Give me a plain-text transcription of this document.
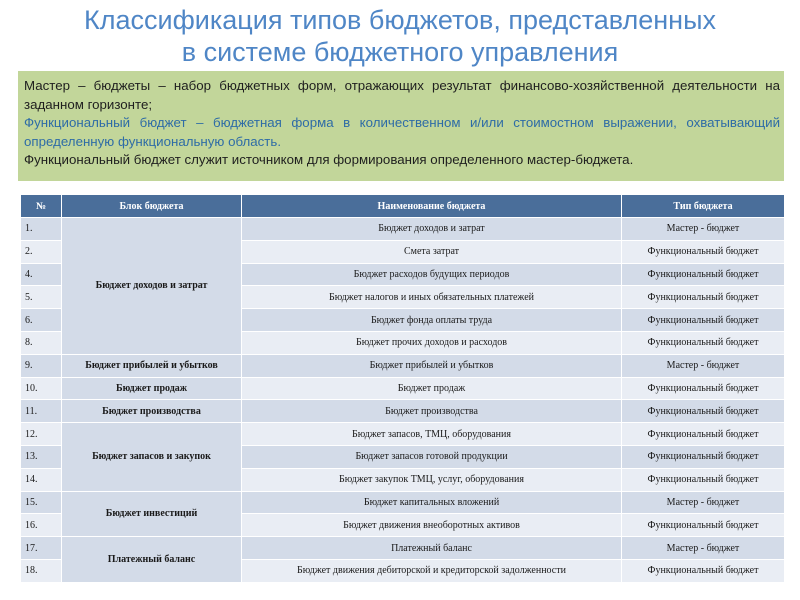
Классификация типов бюджетов, представленных
в системе бюджетного управления
Мастер – бюджеты – набор бюджетных форм, отражающих результат финансово-хозяйственной деятельности на заданном горизонте;
Функциональный бюджет – бюджетная форма в количественном и/или стоимостном выражении, охватывающий определенную функциональную область.
Функциональный бюджет служит источником для формирования определенного мастер-бюджета.
№	Блок бюджета	Наименование бюджета	Тип бюджета
1.	Бюджет доходов и затрат	Бюджет доходов и затрат	Мастер - бюджет
2.		Смета затрат	Функциональный бюджет
4.		Бюджет расходов будущих периодов	Функциональный бюджет
5.		Бюджет налогов и иных обязательных платежей	Функциональный бюджет
6.		Бюджет фонда оплаты труда	Функциональный бюджет
8.		Бюджет прочих доходов и расходов	Функциональный бюджет
9.	Бюджет прибылей и убытков	Бюджет прибылей и убытков	Мастер - бюджет
10.	Бюджет продаж	Бюджет продаж	Функциональный бюджет
11.	Бюджет производства	Бюджет производства	Функциональный бюджет
12.	Бюджет запасов и закупок	Бюджет запасов, ТМЦ, оборудования	Функциональный бюджет
13.		Бюджет запасов готовой продукции	Функциональный бюджет
14.		Бюджет закупок ТМЦ, услуг, оборудования	Функциональный бюджет
15.	Бюджет инвестиций	Бюджет капитальных вложений	Мастер - бюджет
16.		Бюджет движения внеоборотных активов	Функциональный бюджет
17.	Платежный баланс	Платежный баланс	Мастер - бюджет
18.		Бюджет движения дебиторской и кредиторской задолженности	Функциональный бюджет
